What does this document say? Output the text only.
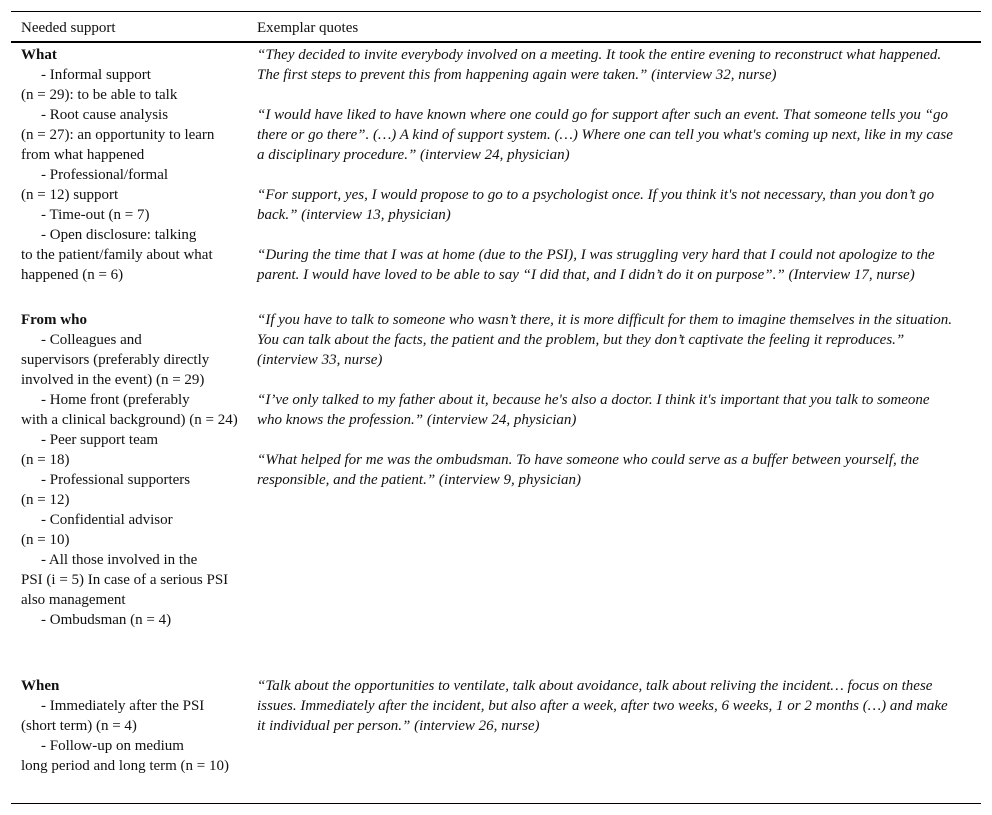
Needed support	Exemplar quotes
What
- Informal support
(n = 29): to be able to talk
- Root cause analysis
(n = 27): an opportunity to learn from what happened
- Professional/formal
(n = 12) support
- Time-out (n = 7)
- Open disclosure: talking
to the patient/family about what happened (n = 6)

“They decided to invite everybody involved on a meeting. It took the entire evening to reconstruct what happened. The first steps to prevent this from happening again were taken.” (interview 32, nurse)

“I would have liked to have known where one could go for support after such an event. That someone tells you “go there or go there”. (…) A kind of support system. (…) Where one can tell you what's coming up next, like in my case a disciplinary procedure.” (interview 24, physician)

“For support, yes, I would propose to go to a psychologist once. If you think it's not necessary, than you don’t go back.” (interview 13, physician)

“During the time that I was at home (due to the PSI), I was struggling very hard that I could not apologize to the parent. I would have loved to be able to say “I did that, and I didn’t do it on purpose”.” (Interview 17, nurse)

From who
- Colleagues and
supervisors (preferably directly involved in the event) (n = 29)
- Home front (preferably
with a clinical background) (n = 24)
- Peer support team
(n = 18)
- Professional supporters
(n = 12)
- Confidential advisor
(n = 10)
- All those involved in the
PSI (i = 5) In case of a serious PSI also management
- Ombudsman (n = 4)

“If you have to talk to someone who wasn’t there, it is more difficult for them to imagine themselves in the situation. You can talk about the facts, the patient and the problem, but they don’t captivate the feeling it reproduces.” (interview 33, nurse)

“I’ve only talked to my father about it, because he's also a doctor. I think it's important that you talk to someone who knows the profession.” (interview 24, physician)

“What helped for me was the ombudsman. To have someone who could serve as a buffer between yourself, the responsible, and the patient.” (interview 9, physician)

When
- Immediately after the PSI
(short term) (n = 4)
- Follow-up on medium
long period and long term (n = 10)

“Talk about the opportunities to ventilate, talk about avoidance, talk about reliving the incident… focus on these issues. Immediately after the incident, but also after a week, after two weeks, 6 weeks, 1 or 2 months (…) and make it individual per person.” (interview 26, nurse)
